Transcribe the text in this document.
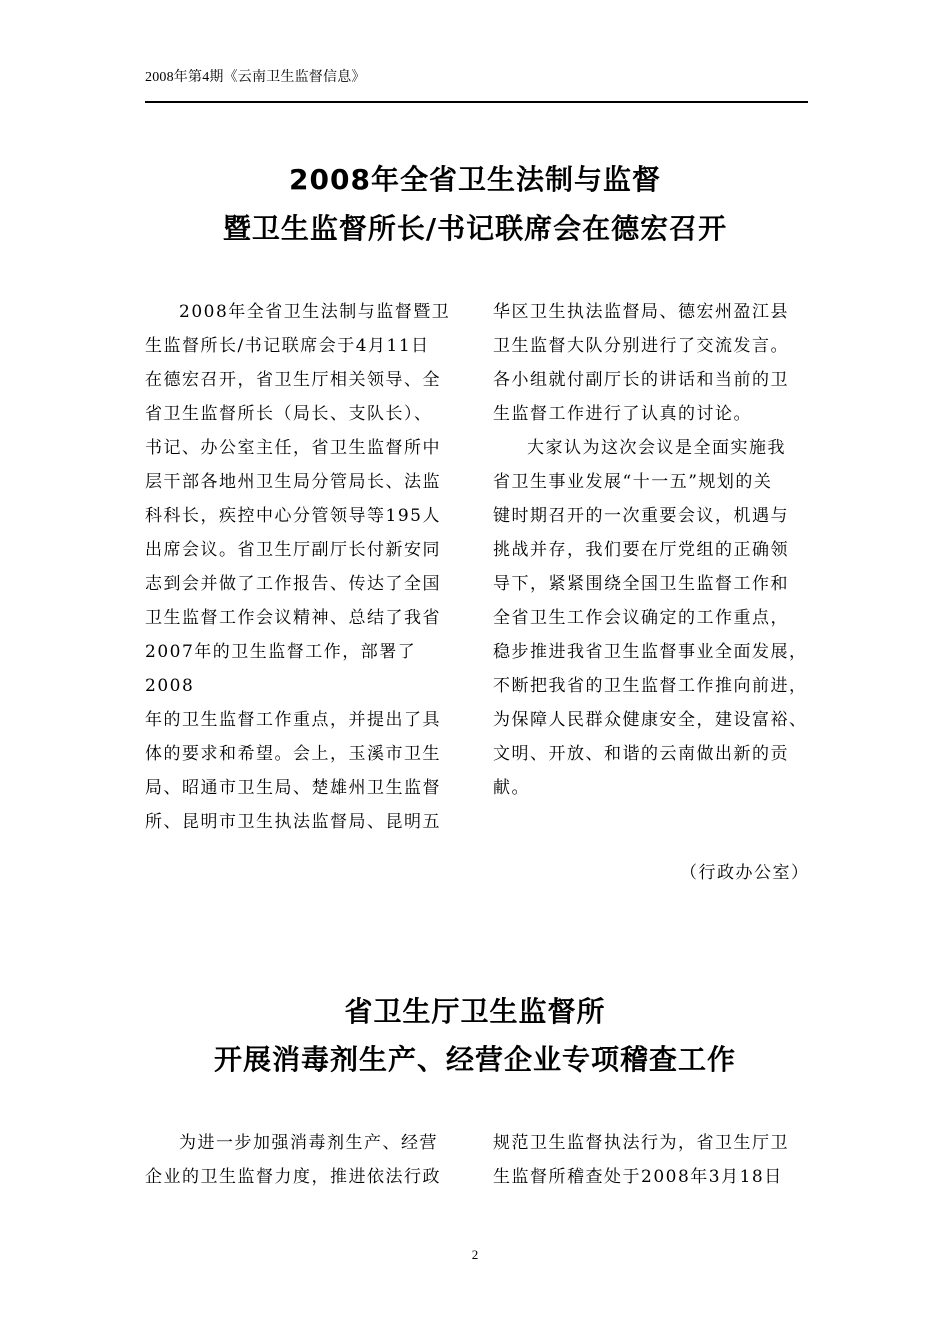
2008年第4期《云南卫生监督信息》
2008年全省卫生法制与监督
暨卫生监督所长/书记联席会在德宏召开

2008年全省卫生法制与监督暨卫

生监督所长/书记联席会于4月11日

在德宏召开，省卫生厅相关领导、全

省卫生监督所长（局长、支队长）、

书记、办公室主任，省卫生监督所中

层干部各地州卫生局分管局长、法监

科科长，疾控中心分管领导等195人

出席会议。省卫生厅副厅长付新安同

志到会并做了工作报告、传达了全国

卫生监督工作会议精神、总结了我省

2007年的卫生监督工作，部署了2008

年的卫生监督工作重点，并提出了具

体的要求和希望。会上，玉溪市卫生

局、昭通市卫生局、楚雄州卫生监督

所、昆明市卫生执法监督局、昆明五

华区卫生执法监督局、德宏州盈江县

卫生监督大队分别进行了交流发言。

各小组就付副厅长的讲话和当前的卫

生监督工作进行了认真的讨论。

大家认为这次会议是全面实施我

省卫生事业发展“十一五”规划的关

键时期召开的一次重要会议，机遇与

挑战并存，我们要在厅党组的正确领

导下，紧紧围绕全国卫生监督工作和

全省卫生工作会议确定的工作重点，

稳步推进我省卫生监督事业全面发展，

不断把我省的卫生监督工作推向前进，

为保障人民群众健康安全，建设富裕、

文明、开放、和谐的云南做出新的贡

献。

（行政办公室）
省卫生厅卫生监督所
开展消毒剂生产、经营企业专项稽查工作

为进一步加强消毒剂生产、经营

企业的卫生监督力度，推进依法行政

规范卫生监督执法行为，省卫生厅卫

生监督所稽查处于2008年3月18日

2
